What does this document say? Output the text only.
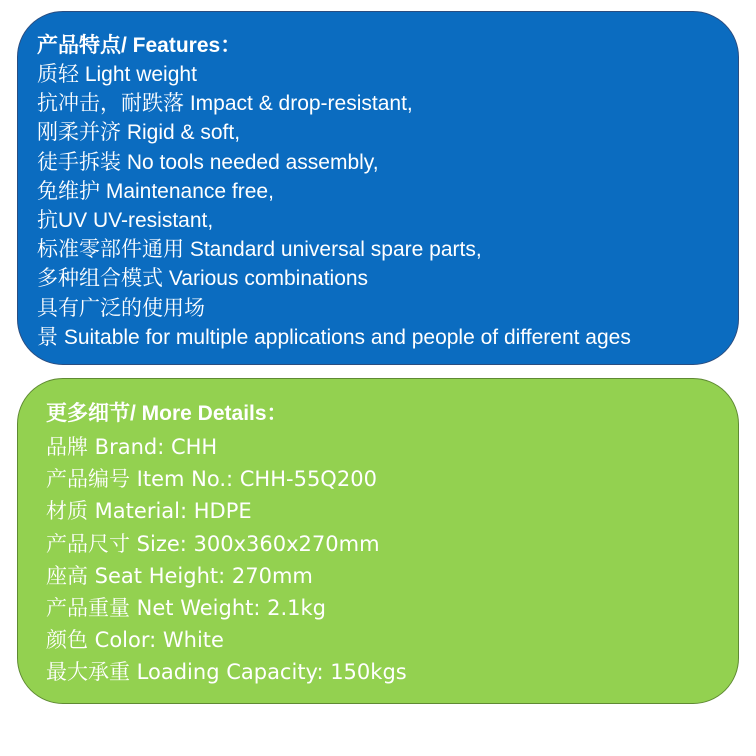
产品特点/ Features：
质轻 Light weight
抗冲击，耐跌落 Impact & drop-resistant,
刚柔并济 Rigid & soft,
徒手拆装 No tools needed assembly,
免维护 Maintenance free,
抗UV UV-resistant,
标准零部件通用 Standard universal spare parts,
多种组合模式 Various combinations
具有广泛的使用场
景 Suitable for multiple applications and people of different ages
更多细节/ More Details：
品牌 Brand: CHH
产品编号 Item No.: CHH-55Q200
材质 Material: HDPE
产品尺寸 Size: 300x360x270mm
座高 Seat Height: 270mm
产品重量 Net Weight: 2.1kg
颜色 Color: White
最大承重 Loading Capacity: 150kgs
